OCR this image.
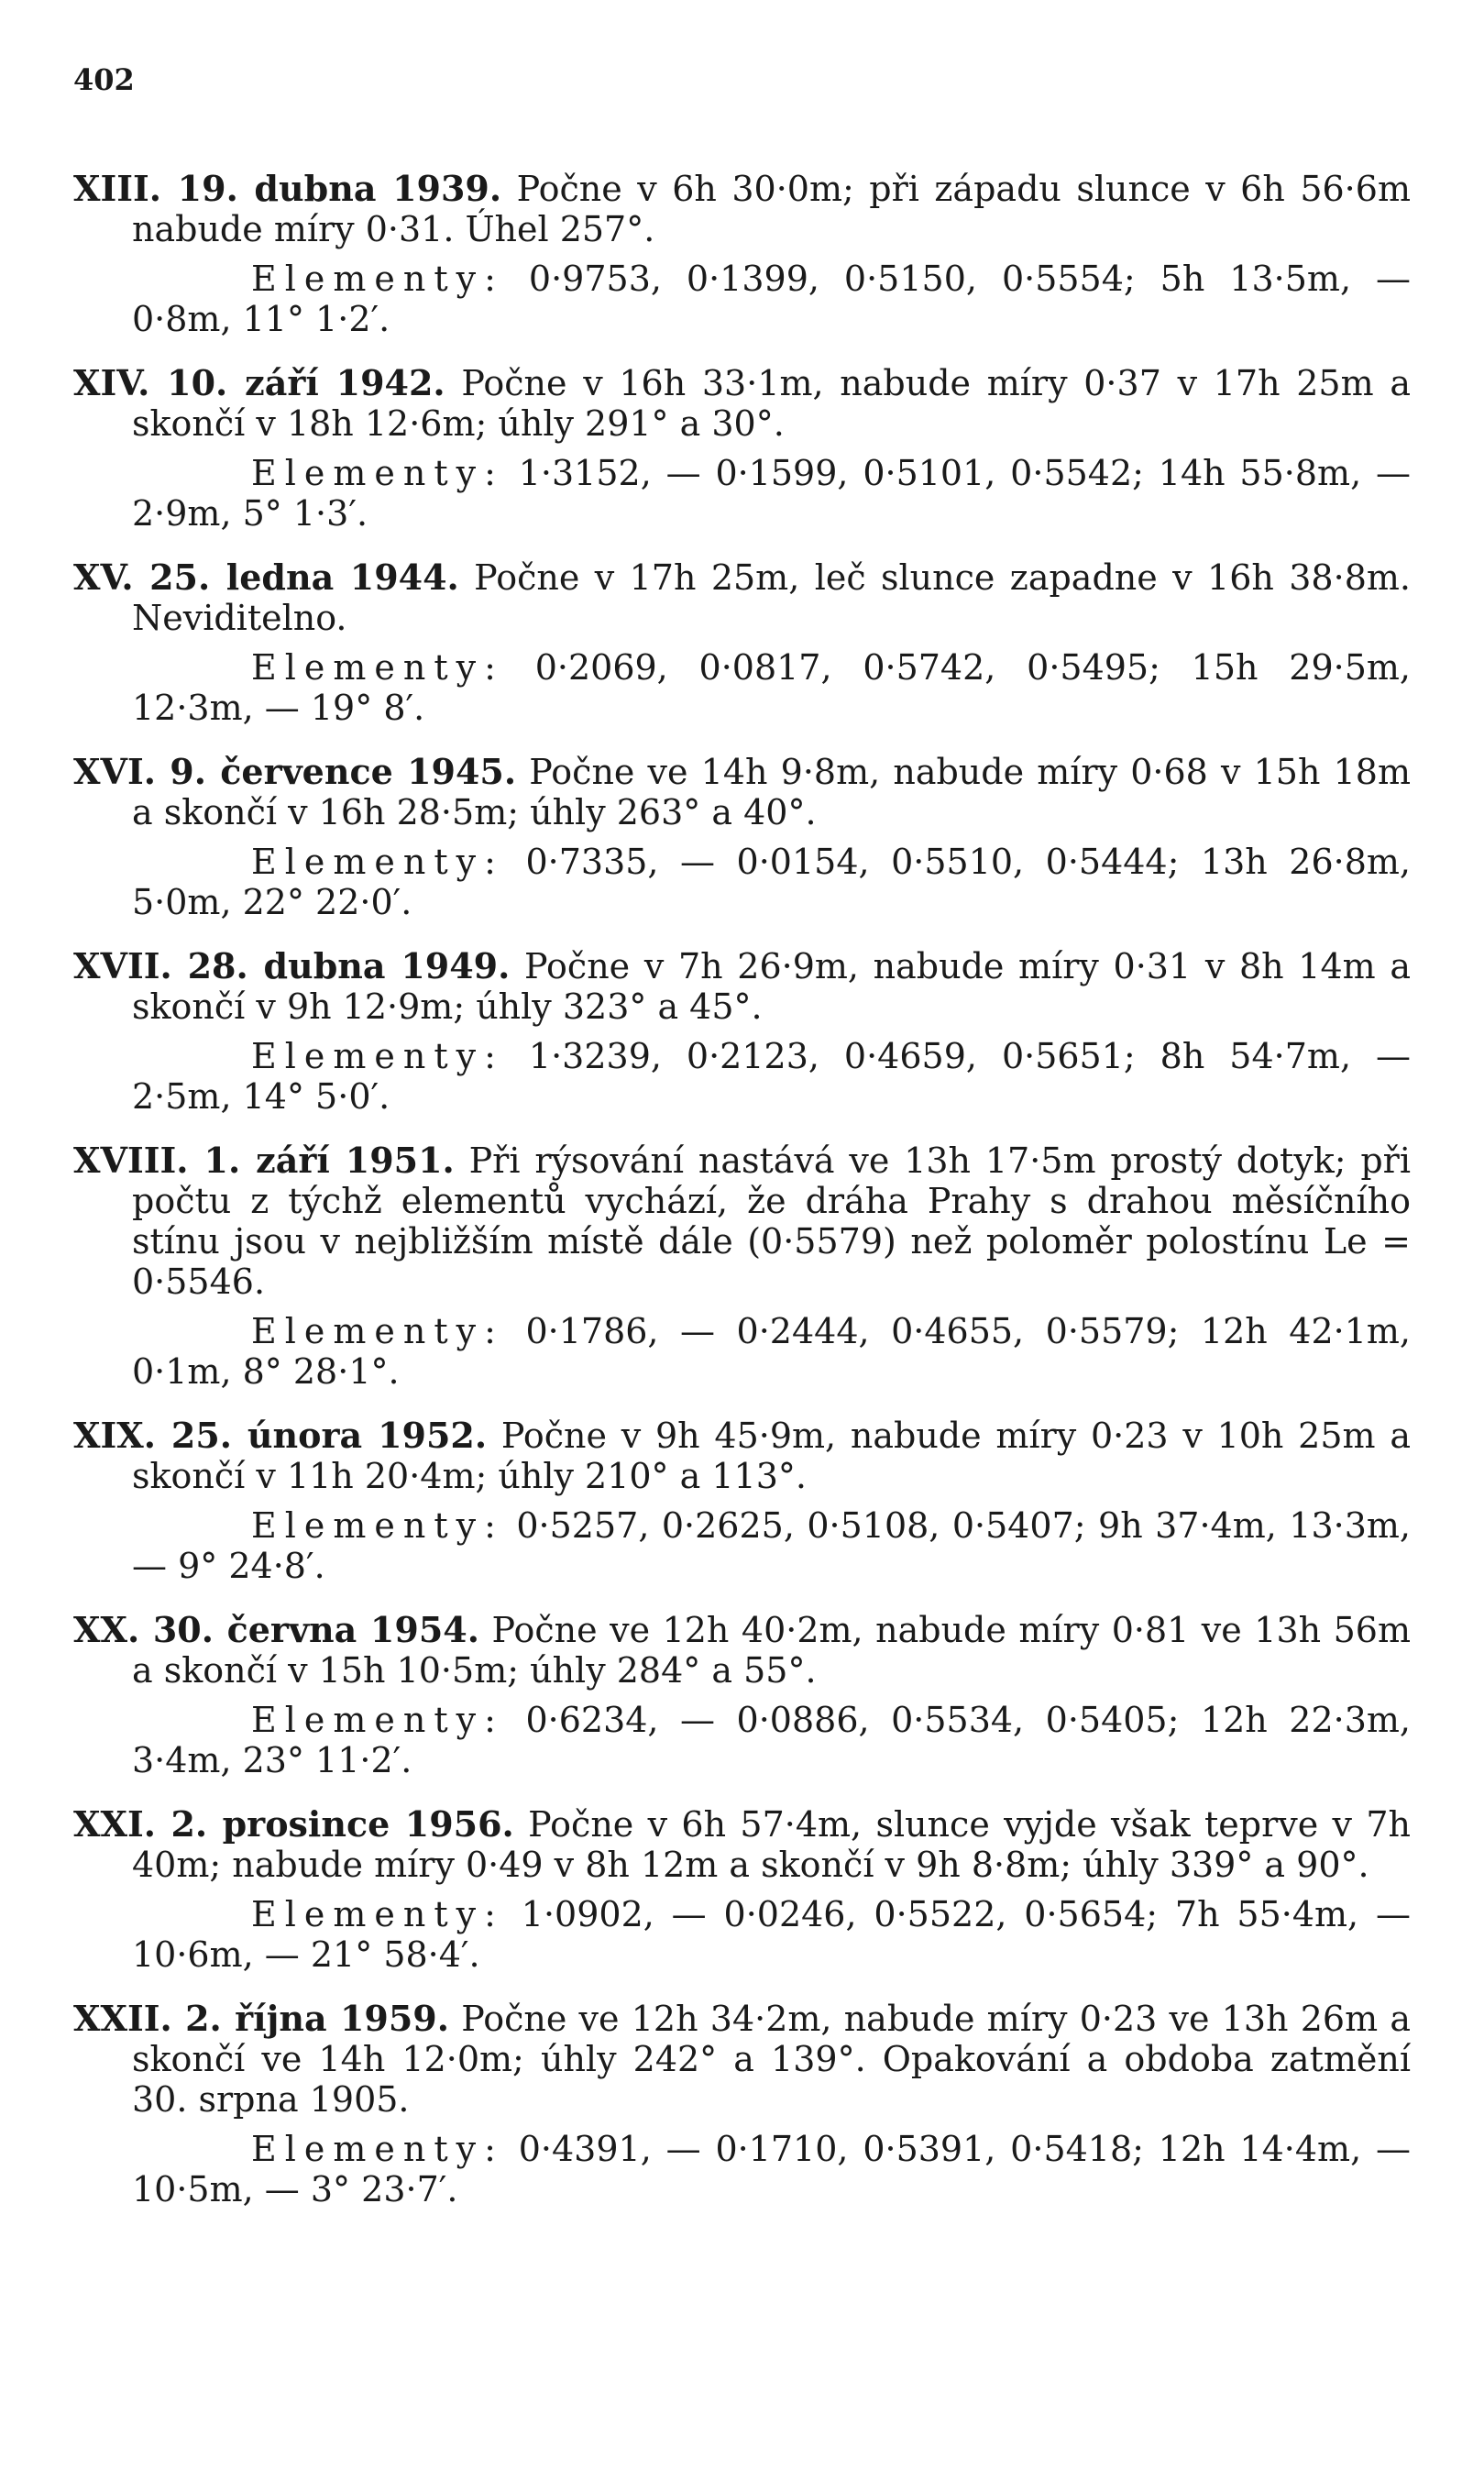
402

XIII. 19. dubna 1939. Počne v 6h 30·0m; při západu slunce v 6h 56·6m nabude míry 0·31. Úhel 257°.

Elementy: 0·9753, 0·1399, 0·5150, 0·5554; 5h 13·5m, — 0·8m, 11° 1·2′.

XIV. 10. září 1942. Počne v 16h 33·1m, nabude míry 0·37 v 17h 25m a skončí v 18h 12·6m; úhly 291° a 30°.

Elementy: 1·3152, — 0·1599, 0·5101, 0·5542; 14h 55·8m, — 2·9m, 5° 1·3′.

XV. 25. ledna 1944. Počne v 17h 25m, leč slunce zapadne v 16h 38·8m. Neviditelno.

Elementy: 0·2069, 0·0817, 0·5742, 0·5495; 15h 29·5m, 12·3m, — 19° 8′.

XVI. 9. července 1945. Počne ve 14h 9·8m, nabude míry 0·68 v 15h 18m a skončí v 16h 28·5m; úhly 263° a 40°.

Elementy: 0·7335, — 0·0154, 0·5510, 0·5444; 13h 26·8m, 5·0m, 22° 22·0′.

XVII. 28. dubna 1949. Počne v 7h 26·9m, nabude míry 0·31 v 8h 14m a skončí v 9h 12·9m; úhly 323° a 45°.

Elementy: 1·3239, 0·2123, 0·4659, 0·5651; 8h 54·7m, — 2·5m, 14° 5·0′.

XVIII. 1. září 1951. Při rýsování nastává ve 13h 17·5m prostý dotyk; při počtu z týchž elementů vychází, že dráha Prahy s drahou měsíčního stínu jsou v nejbližším místě dále (0·5579) než poloměr polostínu Le = 0·5546.

Elementy: 0·1786, — 0·2444, 0·4655, 0·5579; 12h 42·1m, 0·1m, 8° 28·1°.

XIX. 25. února 1952. Počne v 9h 45·9m, nabude míry 0·23 v 10h 25m a skončí v 11h 20·4m; úhly 210° a 113°.

Elementy: 0·5257, 0·2625, 0·5108, 0·5407; 9h 37·4m, 13·3m, — 9° 24·8′.

XX. 30. června 1954. Počne ve 12h 40·2m, nabude míry 0·81 ve 13h 56m a skončí v 15h 10·5m; úhly 284° a 55°.

Elementy: 0·6234, — 0·0886, 0·5534, 0·5405; 12h 22·3m, 3·4m, 23° 11·2′.

XXI. 2. prosince 1956. Počne v 6h 57·4m, slunce vyjde však teprve v 7h 40m; nabude míry 0·49 v 8h 12m a skončí v 9h 8·8m; úhly 339° a 90°.

Elementy: 1·0902, — 0·0246, 0·5522, 0·5654; 7h 55·4m, — 10·6m, — 21° 58·4′.

XXII. 2. října 1959. Počne ve 12h 34·2m, nabude míry 0·23 ve 13h 26m a skončí ve 14h 12·0m; úhly 242° a 139°. Opakování a obdoba zatmění 30. srpna 1905.

Elementy: 0·4391, — 0·1710, 0·5391, 0·5418; 12h 14·4m, — 10·5m, — 3° 23·7′.
